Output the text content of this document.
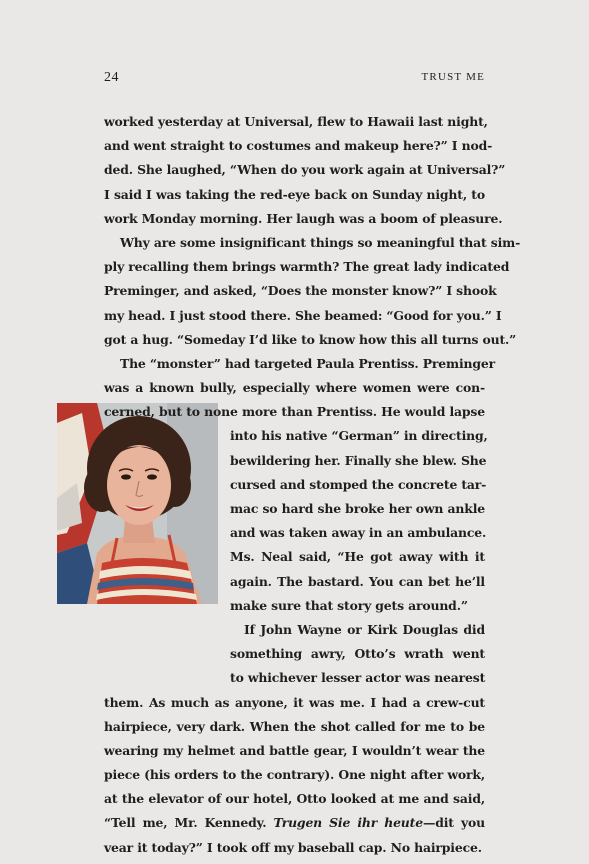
24	TRUST ME
worked yesterday at Universal, flew to Hawaii last night,
and went straight to costumes and makeup here?” I nod-
ded. She laughed, “When do you work again at Universal?”
I said I was taking the red-eye back on Sunday night, to
work Monday morning. Her laugh was a boom of pleasure.
Why are some insignificant things so meaningful that sim-
ply recalling them brings warmth? The great lady indicated
Preminger, and asked, “Does the monster know?” I shook
my head. I just stood there. She beamed: “Good for you.” I
got a hug. “Someday I’d like to know how this all turns out.”
The “monster” had targeted Paula Prentiss. Preminger
was a known bully, especially where women were con-
cerned, but to none more than Prentiss. He would lapse
into his native “German” in directing,
bewildering her. Finally she blew. She
cursed and stomped the concrete tar-
mac so hard she broke her own ankle
and was taken away in an ambulance.
Ms. Neal said, “He got away with it
again. The bastard. You can bet he’ll
make sure that story gets around.”
If John Wayne or Kirk Douglas did
something awry, Otto’s wrath went
to whichever lesser actor was nearest
them. As much as anyone, it was me. I had a crew-cut
hairpiece, very dark. When the shot called for me to be
wearing my helmet and battle gear, I wouldn’t wear the
piece (his orders to the contrary). One night after work,
at the elevator of our hotel, Otto looked at me and said,
“Tell me, Mr. Kennedy. Trugen Sie ihr heute—dit you
vear it today?” I took off my baseball cap. No hairpiece.
